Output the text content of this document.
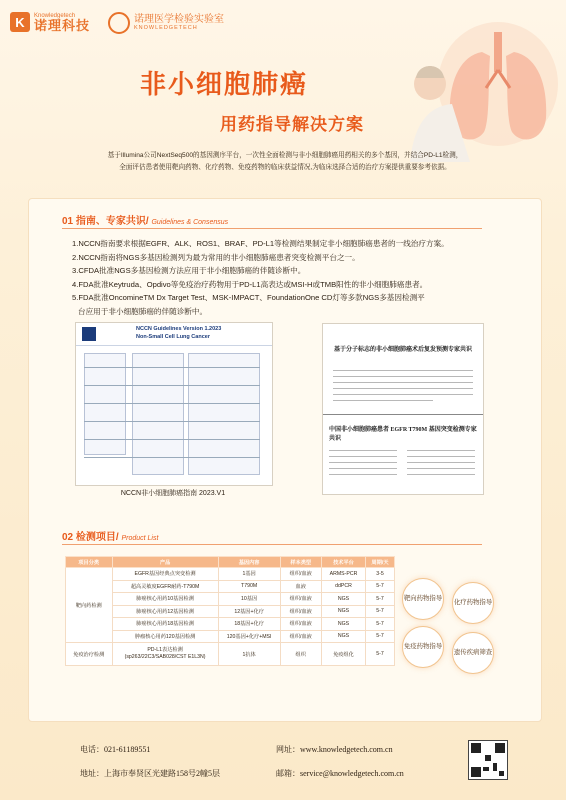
K	Knowledgetech
诺理科技	诺理医学检验实验室
KNOWLEDGETECH
非小细胞肺癌
用药指导解决方案
基于Illumina公司NextSeq500的基因测序平台，一次性全面检测与非小细胞肺癌用药相关的多个基因，并结合PD-L1检测，
全面评估患者使用靶向药物、化疗药物、免疫药物的临床获益情况,为临床选择合适的治疗方案提供重要参考依据。
01 指南、专家共识/ Guidelines & Consensus
1.NCCN指南要求根据EGFR、ALK、ROS1、BRAF、PD-L1等检测结果制定非小细胞肺癌患者的一线治疗方案。
2.NCCN指南将NGS多基因检测列为最为常用的非小细胞肺癌患者突变检测平台之一。
3.CFDA批准NGS多基因检测方法应用于非小细胞肺癌的伴随诊断中。
4.FDA批准Keytruda、Opdivo等免疫治疗药物用于PD-L1高表达或MSI-H或TMB阳性的非小细胞肺癌患者。
5.FDA批准OncomineTM Dx Target Test、MSK-IMPACT、FoundationOne CD灯等多款NGS多基因检测平
台应用于非小细胞肺癌的伴随诊断中。
NCCN Guidelines Version 1.2023
Non-Small Cell Lung Cancer
NCCN非小细胞肺癌指南 2023.V1
基于分子标志的非小细胞肺癌术后复发预测专家共识
中国非小细胞肺癌患者 EGFR T790M 基因突变检测专家共识
02 检测项目/ Product List
项目分类	产品	基因内容	样本类型	技术平台	周期/天
靶向药检测	EGFR基因经典点突变检测	1基因	组织/血液	ARMS-PCR	3-5
	超高灵敏度EGFR耐药-T790M	T790M	血液	ddPCR	5-7
	肺癌核心用药10基因检测	10基因	组织/血液	NGS	5-7
	肺癌核心用药12基因检测	12基因+化疗	组织/血液	NGS	5-7
	肺癌核心用药18基因检测	18基因+化疗	组织/血液	NGS	5-7
	肿瘤核心用药120基因检测	120基因+化疗+MSI	组织/血液	NGS	5-7
免疫治疗检测	PD-L1表达检测
(sp263/22C3/SAB028/CST E1L3N)	1抗体	组织	免疫组化	5-7
靶向药物指导
化疗药物指导
免疫药物指导
遗传疾病筛查
电话：021-61189551
地址：上海市奉贤区光建路158号2幢5层
网址：www.knowledgetech.com.cn
邮箱：service@knowledgetech.com.cn
